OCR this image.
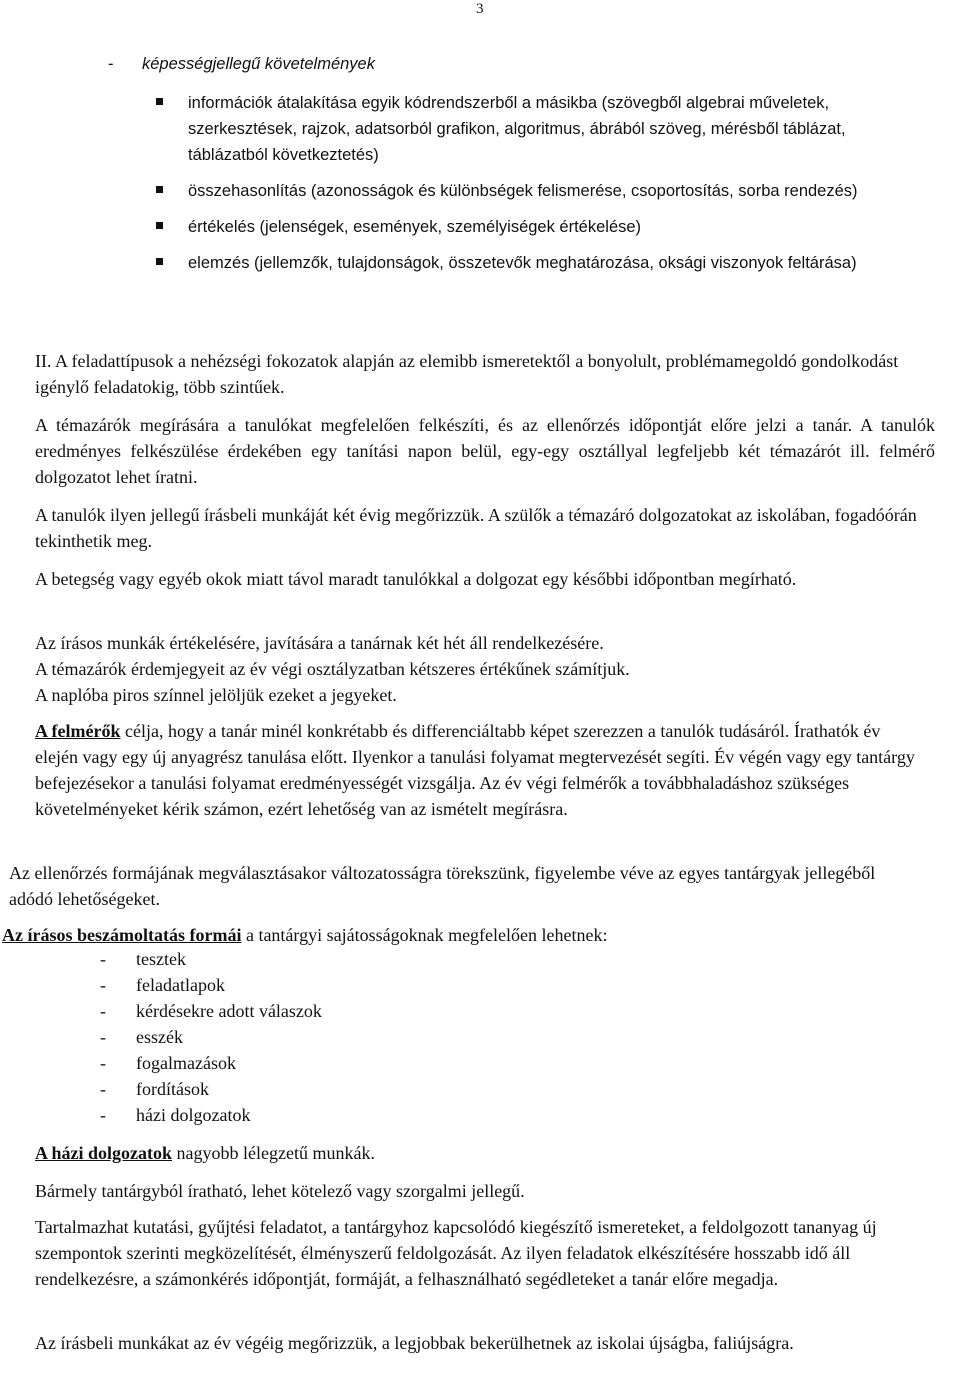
3
- képességjellegű követelmények
információk átalakítása egyik kódrendszerből a másikba (szövegből algebrai műveletek, szerkesztések, rajzok, adatsorból grafikon, algoritmus, ábrából szöveg, mérésből táblázat, táblázatból következtetés)
összehasonlítás (azonosságok és különbségek felismerése, csoportosítás, sorba rendezés)
értékelés (jelenségek, események, személyiségek értékelése)
elemzés (jellemzők, tulajdonságok, összetevők meghatározása, oksági viszonyok feltárása)
II. A feladattípusok a nehézségi fokozatok alapján az elemibb ismeretektől a bonyolult, problémamegoldó gondolkodást igénylő feladatokig, több szintűek.
A témazárók megírására a tanulókat megfelelően felkészíti, és az ellenőrzés időpontját előre jelzi a tanár. A tanulók eredményes felkészülése érdekében egy tanítási napon belül, egy-egy osztállyal legfeljebb két témazárót ill. felmérő dolgozatot lehet íratni.
A tanulók ilyen jellegű írásbeli munkáját két évig megőrizzük. A szülők a témazáró dolgozatokat az iskolában, fogadóórán tekinthetik meg.
A betegség vagy egyéb okok miatt távol maradt tanulókkal a dolgozat egy későbbi időpontban megírható.
Az írásos munkák értékelésére, javítására a tanárnak két hét áll rendelkezésére.
A témazárók érdemjegyeit az év végi osztályzatban kétszeres értékűnek számítjuk.
A naplóba piros színnel jelöljük ezeket a jegyeket.
A felmérők célja, hogy a tanár minél konkrétabb és differenciáltabb képet szerezzen a tanulók tudásáról. Írathatók év elején vagy egy új anyagrész tanulása előtt. Ilyenkor a tanulási folyamat megtervezését segíti. Év végén vagy egy tantárgy befejezésekor a tanulási folyamat eredményességét vizsgálja. Az év végi felmérők a továbbhaladáshoz szükséges követelményeket kérik számon, ezért lehetőség van az ismételt megírásra.
Az ellenőrzés formájának megválasztásakor változatosságra törekszünk, figyelembe véve az egyes tantárgyak jellegéből adódó lehetőségeket.
Az írásos beszámoltatás formái a tantárgyi sajátosságoknak megfelelően lehetnek:
- tesztek
- feladatlapok
- kérdésekre adott válaszok
- esszék
- fogalmazások
- fordítások
- házi dolgozatok
A házi dolgozatok nagyobb lélegzetű munkák.
Bármely tantárgyból íratható, lehet kötelező vagy szorgalmi jellegű.
Tartalmazhat kutatási, gyűjtési feladatot, a tantárgyhoz kapcsolódó kiegészítő ismereteket, a feldolgozott tananyag új szempontok szerinti megközelítését, élményszerű feldolgozását. Az ilyen feladatok elkészítésére hosszabb idő áll rendelkezésre, a számonkérés időpontját, formáját, a felhasználható segédleteket a tanár előre megadja.
Az írásbeli munkákat az év végéig megőrizzük, a legjobbak bekerülhetnek az iskolai újságba, faliújságra.
